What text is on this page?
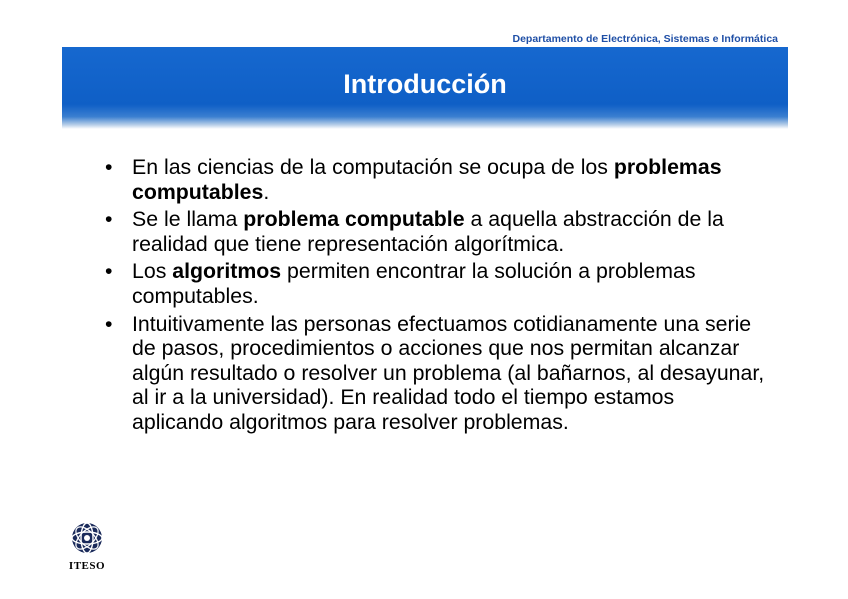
Departamento de Electrónica, Sistemas e Informática
Introducción
• En las ciencias de la computación se ocupa de los problemas computables.
• Se le llama problema computable a aquella abstracción de la realidad que tiene representación algorítmica.
• Los algoritmos permiten encontrar la solución a problemas computables.
• Intuitivamente las personas efectuamos cotidianamente una serie de pasos, procedimientos o acciones que nos permitan alcanzar algún resultado o resolver un problema (al bañarnos, al desayunar, al ir a la universidad). En realidad todo el tiempo estamos aplicando algoritmos para resolver problemas.
ITESO
